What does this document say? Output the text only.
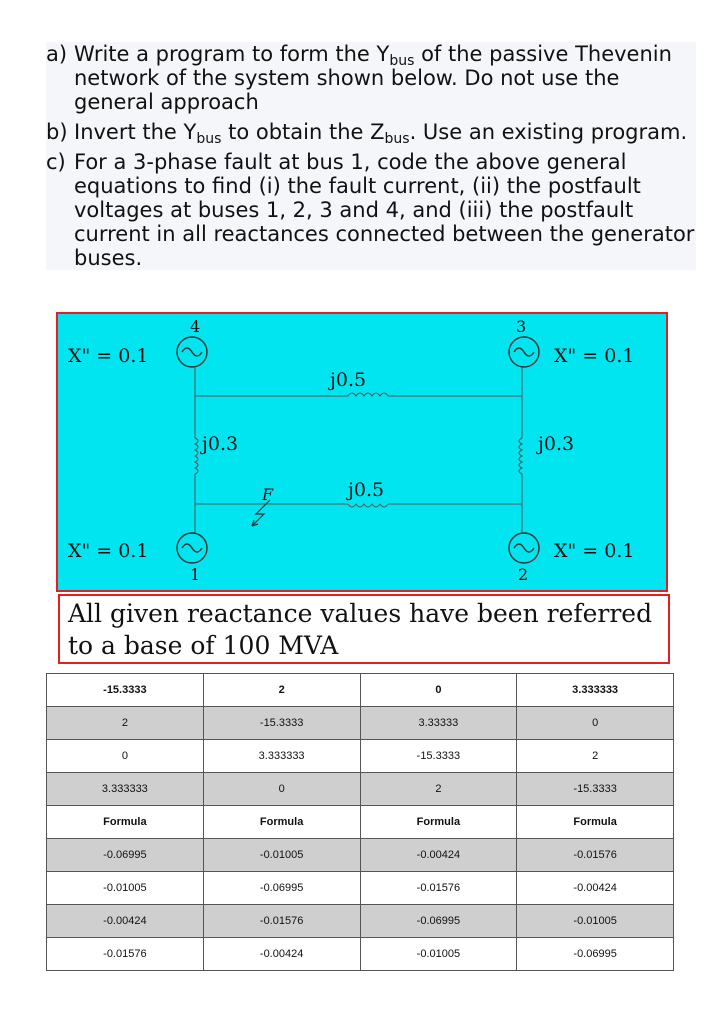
a) Write a program to form the $Y_{bus}$ of the passive Thevenin network of the system shown below. Do not use the general approach
b) Invert the $Y_{bus}$ to obtain the $Z_{bus}$. Use an existing program.
c) For a 3-phase fault at bus 1, code the above general equations to find (i) the fault current, (ii) the postfault voltages at buses 1, 2, 3 and 4, and (iii) the postfault current in all reactances connected between the generator buses.
4	3
1	2
X" = 0.1	X" = 0.1
X" = 0.1	X" = 0.1
j0.5
j0.3	j0.3
j0.5
F
All given reactance values have been referred to a base of 100 MVA
-15.3333	2	0	3.333333
2	-15.3333	3.33333	0
0	3.333333	-15.3333	2
3.333333	0	2	-15.3333
Formula	Formula	Formula	Formula
-0.06995	-0.01005	-0.00424	-0.01576
-0.01005	-0.06995	-0.01576	-0.00424
-0.00424	-0.01576	-0.06995	-0.01005
-0.01576	-0.00424	-0.01005	-0.06995
